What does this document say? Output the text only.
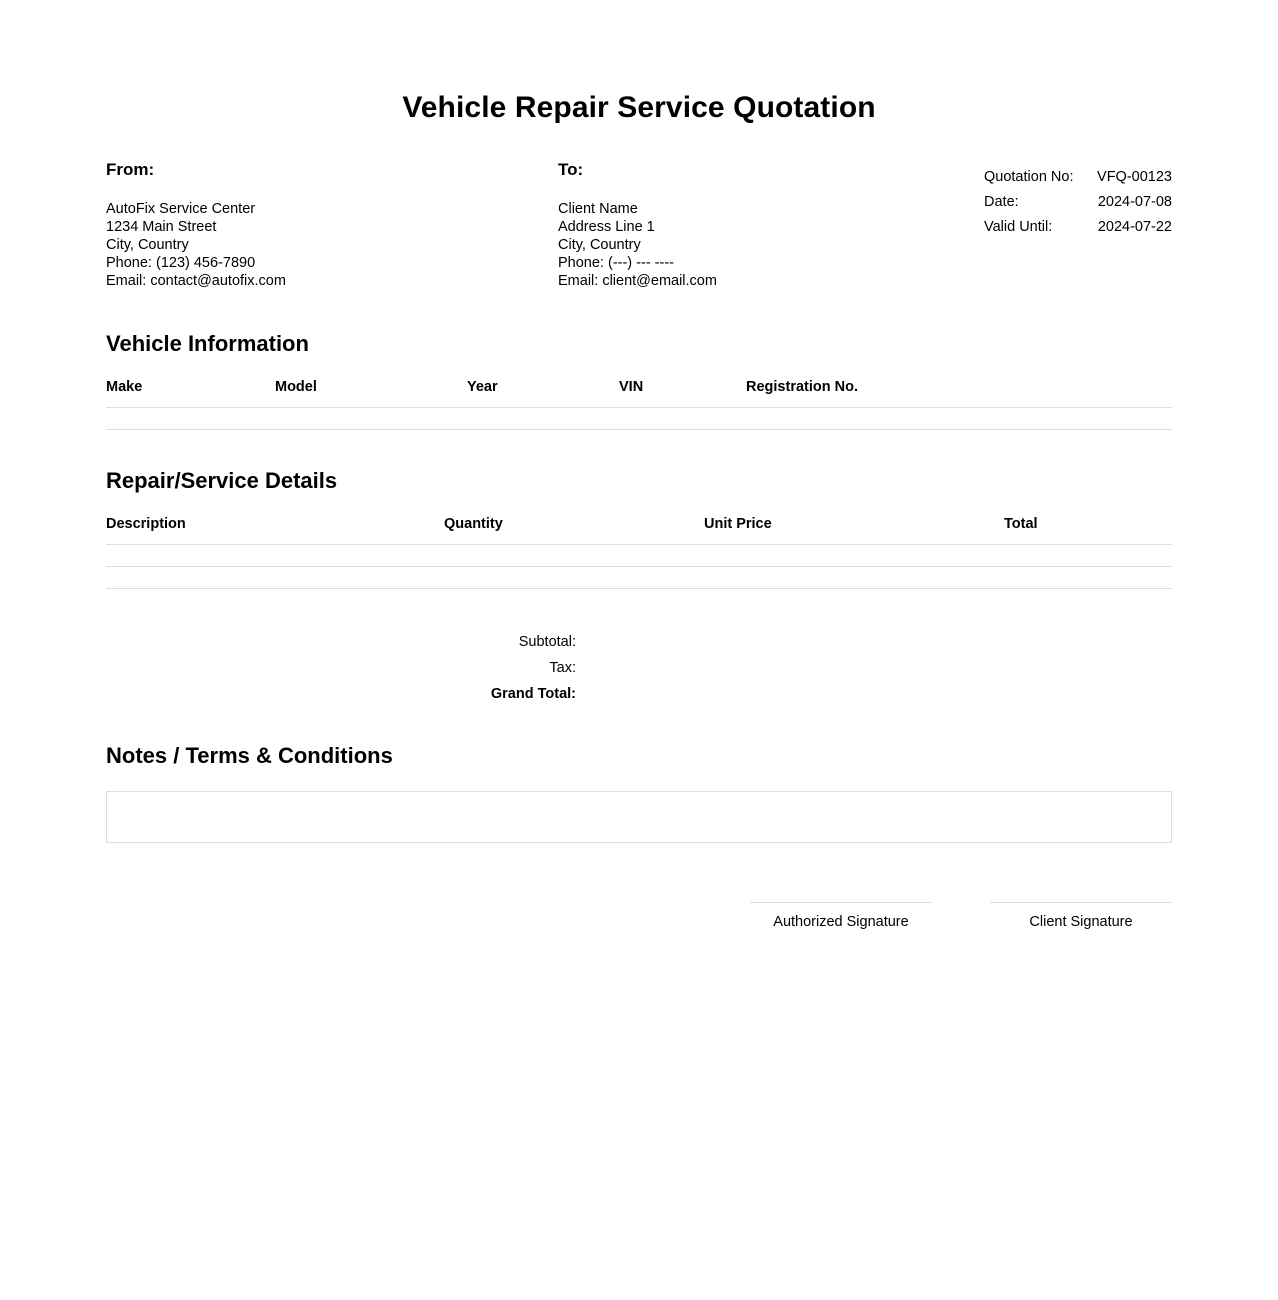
Vehicle Repair Service Quotation
From:
AutoFix Service Center
1234 Main Street
City, Country
Phone: (123) 456-7890
Email: contact@autofix.com
To:
Client Name
Address Line 1
City, Country
Phone: (---) --- ----
Email: client@email.com
Quotation No: VFQ-00123
Date:	2024-07-08
Valid Until:	2024-07-22
Vehicle Information
Make	Model	Year	VIN	Registration No.

Repair/Service Details
Description	Quantity	Unit Price	Total

Subtotal:
Tax:
Grand Total:
Notes / Terms & Conditions
Authorized Signature	Client Signature
